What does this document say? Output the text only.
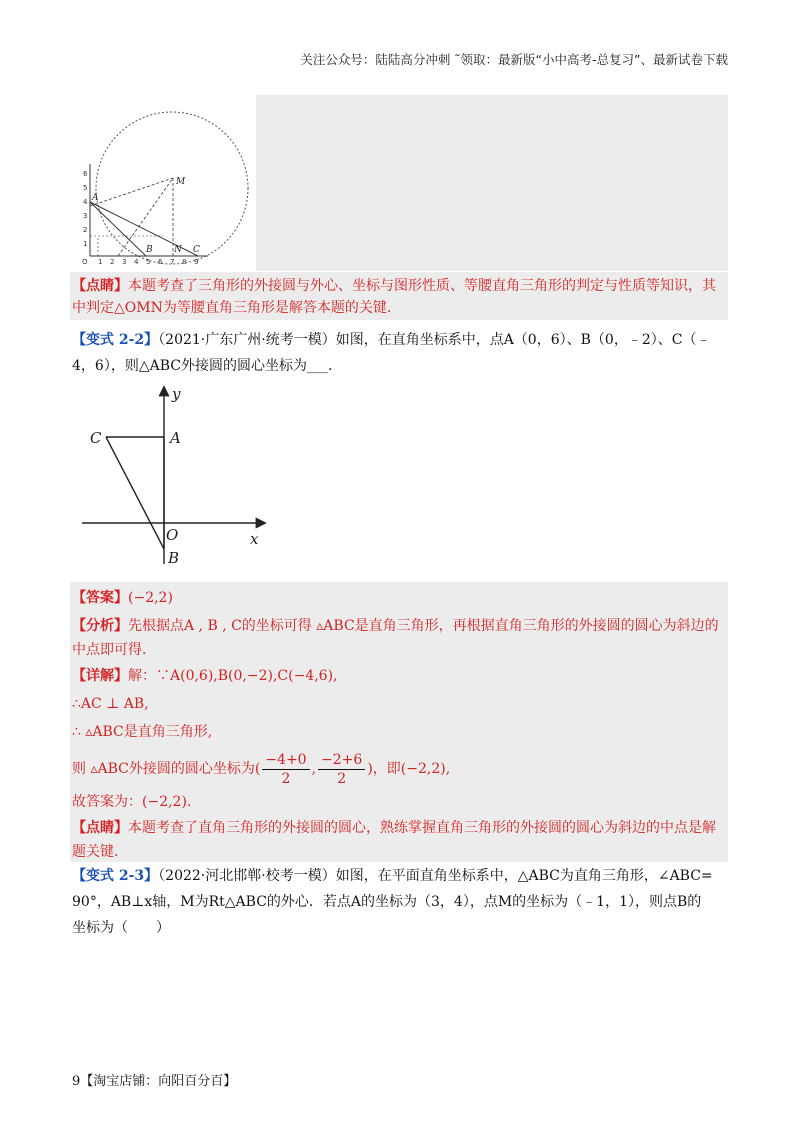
关注公众号：陆陆高分冲刺 ˜领取：最新版“小中高考-总复习”、最新试卷下载
6
5
4
3
2
1
O 1 2 3 4 5 6 7 8 9
A
M
B N C
【点睛】本题考查了三角形的外接圆与外心、坐标与图形性质、等腰直角三角形的判定与性质等知识，其
中判定△OMN为等腰直角三角形是解答本题的关键.
【变式 2-2】（2021·广东广州·统考一模）如图，在直角坐标系中，点A（0，6）、B（0，﹣2）、C（﹣
4，6），则△ABC外接圆的圆心坐标为___.
y
A
C
O
B
x
【答案】(−2,2)
【分析】先根据点A , B , C的坐标可得 ▵ABC是直角三角形，再根据直角三角形的外接圆的圆心为斜边的
中点即可得.
【详解】解：∵A(0,6),B(0,−2),C(−4,6),
∴AC ⊥ AB,
∴ ▵ABC是直角三角形,
则 ▵ABC外接圆的圆心坐标为( $\frac{-4+0}{2}$ , $\frac{-2+6}{2}$ )，即(−2,2),
故答案为：(−2,2).
【点睛】本题考查了直角三角形的外接圆的圆心，熟练掌握直角三角形的外接圆的圆心为斜边的中点是解
题关键.
【变式 2-3】（2022·河北邯郸·校考一模）如图，在平面直角坐标系中，△ABC为直角三角形，∠ABC=
90°，AB⊥x轴，M为Rt△ABC的外心．若点A的坐标为（3，4），点M的坐标为（﹣1，1），则点B的
坐标为（　　）
9【淘宝店铺：向阳百分百】
